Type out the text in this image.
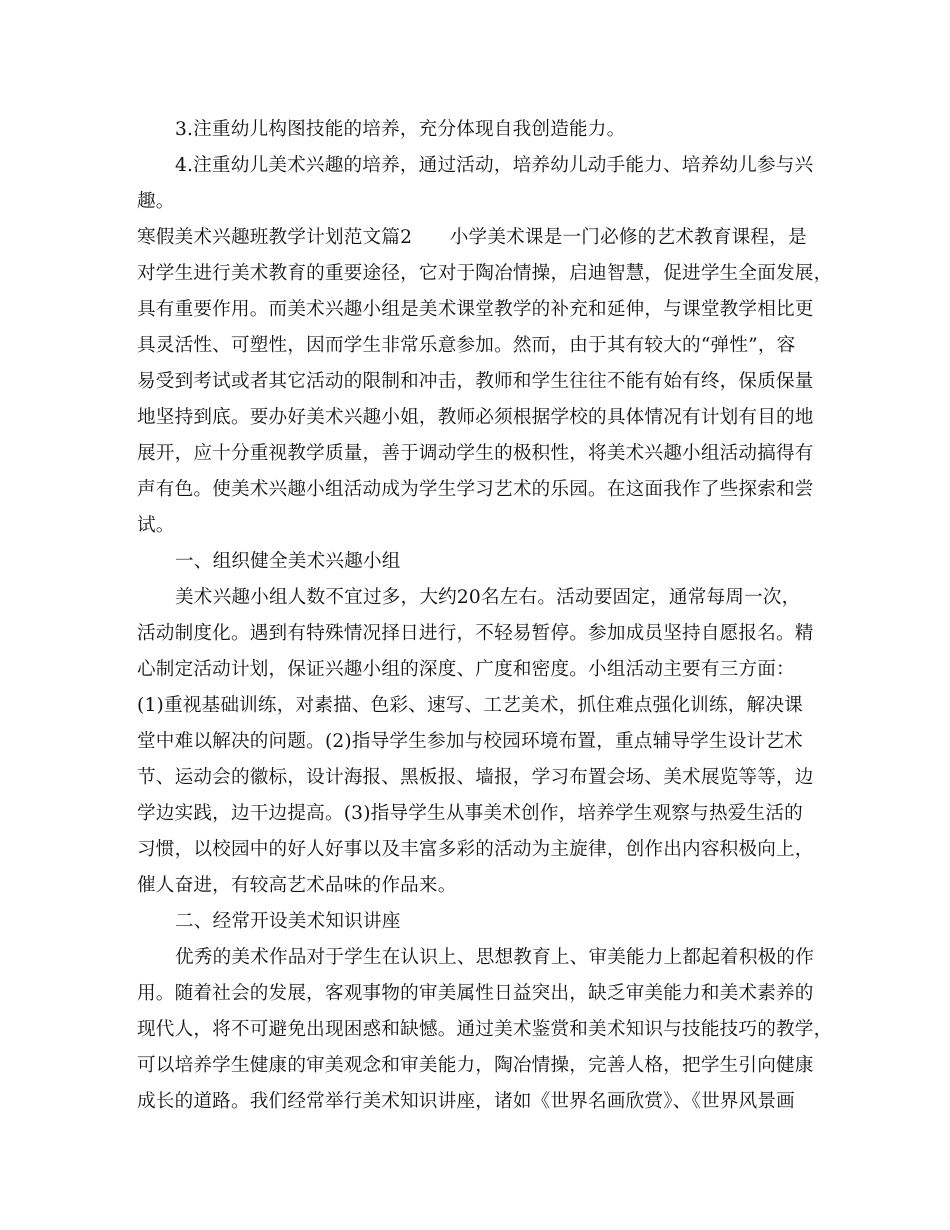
3.注重幼儿构图技能的培养，充分体现自我创造能力。
4.注重幼儿美术兴趣的培养，通过活动，培养幼儿动手能力、培养幼儿参与兴
趣。
寒假美术兴趣班教学计划范文篇2　　小学美术课是一门必修的艺术教育课程，是
对学生进行美术教育的重要途径，它对于陶冶情操，启迪智慧，促进学生全面发展，
具有重要作用。而美术兴趣小组是美术课堂教学的补充和延伸，与课堂教学相比更
具灵活性、可塑性，因而学生非常乐意参加。然而，由于其有较大的“弹性”，容
易受到考试或者其它活动的限制和冲击，教师和学生往往不能有始有终，保质保量
地坚持到底。要办好美术兴趣小姐，教师必须根据学校的具体情况有计划有目的地
展开，应十分重视教学质量，善于调动学生的极积性，将美术兴趣小组活动搞得有
声有色。使美术兴趣小组活动成为学生学习艺术的乐园。在这面我作了些探索和尝
试。
一、组织健全美术兴趣小组
美术兴趣小组人数不宜过多，大约20名左右。活动要固定，通常每周一次，
活动制度化。遇到有特殊情况择日进行，不轻易暂停。参加成员坚持自愿报名。精
心制定活动计划，保证兴趣小组的深度、广度和密度。小组活动主要有三方面：
(1)重视基础训练，对素描、色彩、速写、工艺美术，抓住难点强化训练，解决课
堂中难以解决的问题。(2)指导学生参加与校园环境布置，重点辅导学生设计艺术
节、运动会的徽标，设计海报、黑板报、墙报，学习布置会场、美术展览等等，边
学边实践，边干边提高。(3)指导学生从事美术创作，培养学生观察与热爱生活的
习惯，以校园中的好人好事以及丰富多彩的活动为主旋律，创作出内容积极向上，
催人奋进，有较高艺术品味的作品来。
二、经常开设美术知识讲座
优秀的美术作品对于学生在认识上、思想教育上、审美能力上都起着积极的作
用。随着社会的发展，客观事物的审美属性日益突出，缺乏审美能力和美术素养的
现代人，将不可避免出现困惑和缺憾。通过美术鉴赏和美术知识与技能技巧的教学，
可以培养学生健康的审美观念和审美能力，陶冶情操，完善人格，把学生引向健康
成长的道路。我们经常举行美术知识讲座，诸如《世界名画欣赏》、《世界风景画
